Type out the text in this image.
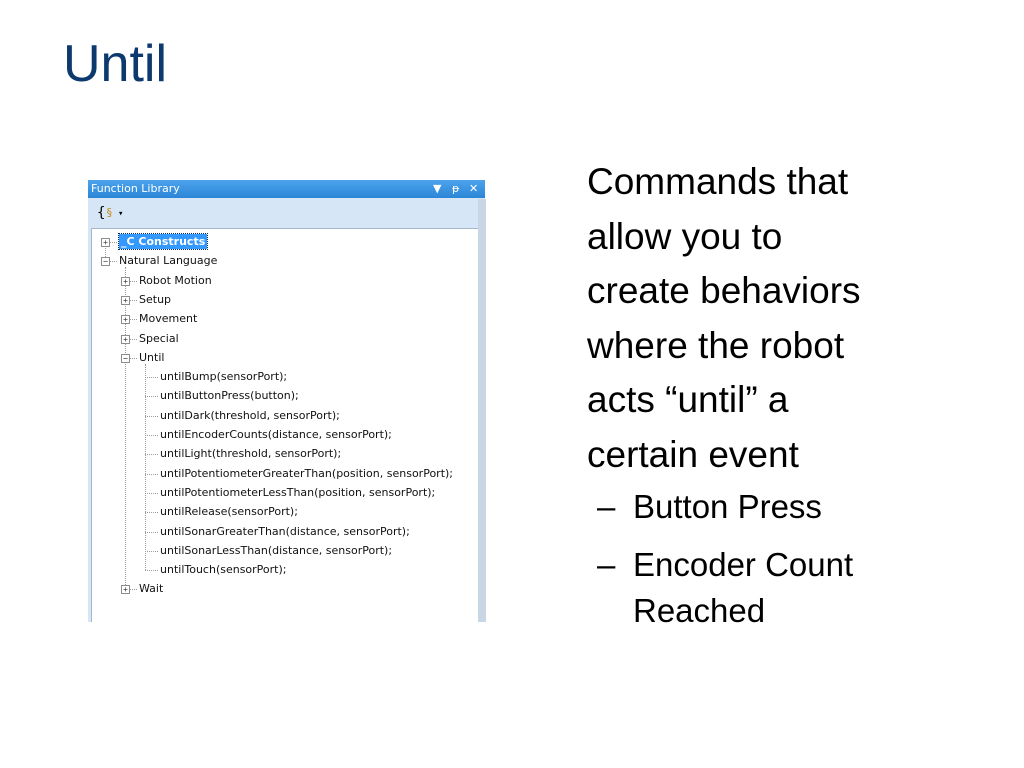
Until
Function Library	▼ ᵽ ✕
{ § ▾
+ _C Constructs
− Natural Language
+ Robot Motion
+ Setup
+ Movement
+ Special
− Until
untilBump(sensorPort);
untilButtonPress(button);
untilDark(threshold, sensorPort);
untilEncoderCounts(distance, sensorPort);
untilLight(threshold, sensorPort);
untilPotentiometerGreaterThan(position, sensorPort);
untilPotentiometerLessThan(position, sensorPort);
untilRelease(sensorPort);
untilSonarGreaterThan(distance, sensorPort);
untilSonarLessThan(distance, sensorPort);
untilTouch(sensorPort);
+ Wait

Commands that
allow you to
create behaviors
where the robot
acts “until” a
certain event

– Button Press

– Encoder Count
Reached
